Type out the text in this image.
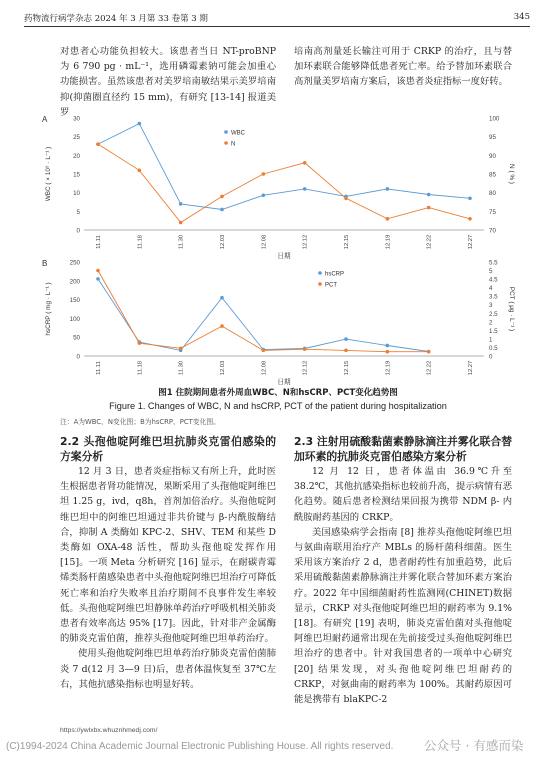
药物流行病学杂志 2024 年 3 月第 33 卷第 3 期	345

对患者心功能负担较大。该患者当日 NT-proBNP 为 6 790 pg · mL⁻¹，选用磷霉素钠可能会加重心功能损害。虽然该患者对美罗培南敏结果示美罗培南抑(抑菌圈直径约 15 mm)，有研究 [13-14] 报道美罗

培南高剂量延长输注可用于 CRKP 的治疗，且与替加环素联合能够降低患者死亡率。给予替加环素联合高剂量美罗培南方案后，该患者炎症指标一度好转。

A
0
5
10
15
20
25
30
70
75
80
85
90
95
100
11.11	11.18	11.30	12.03	12.08	12.12	12.15	12.19	12.22	12.27
WBC ( × 10⁹ · L⁻¹ )	N ( % )
日期
WBC
N
B
0
50
100
150
200
250
0
0.5
1
1.5
2
2.5
3
3.5
4
4.5
5
5.5
11.11	11.18	11.30	12.03	12.08	12.12	12.15	12.19	12.22	12.27
hsCRP ( mg · L⁻¹ )	PCT ( μg · L⁻¹ )
日期
hsCRP
PCT
图1 住院期间患者外周血WBC、N和hsCRP、PCT变化趋势图
Figure 1. Changes of WBC, N and hsCRP, PCT of the patient during hospitalization
注：A为WBC、N变化图；B为hsCRP、PCT变化图。

2.2 头孢他啶阿维巴坦抗肺炎克雷伯感染的方案分析

12 月 3 日，患者炎症指标又有所上升，此时医生根据患者肾功能情况，果断采用了头孢他啶阿维巴坦 1.25 g，ivd，q8h，首剂加倍治疗。头孢他啶阿维巴坦中的阿维巴坦通过非共价键与 β-内酰胺酶结合，抑制 A 类酶如 KPC-2、SHV、TEM 和某些 D 类酶如 OXA-48 活性，帮助头孢他啶发挥作用 [15]。一项 Meta 分析研究 [16] 显示，在耐碳青霉烯类肠杆菌感染患者中头孢他啶阿维巴坦治疗可降低死亡率和治疗失败率且治疗期间不良事件发生率较低。头孢他啶阿维巴坦静脉单药治疗呼吸机相关肺炎患者有效率高达 95% [17]。因此，针对非产金属酶的肺炎克雷伯菌，推荐头孢他啶阿维巴坦单药治疗。

使用头孢他啶阿维巴坦单药治疗肺炎克雷伯菌肺炎 7 d(12 月 3—9 日)后，患者体温恢复至 37℃左右，其他抗感染指标也明显好转。

2.3 注射用硫酸黏菌素静脉滴注并雾化联合替加环素的抗肺炎克雷伯感染方案分析

12 月 12 日，患者体温由 36.9℃升至 38.2℃，其他抗感染指标也较前升高，提示病情有恶化趋势。随后患者检测结果回报为携带 NDM β- 内酰胺耐药基因的 CRKP。

美国感染病学会指南 [8] 推荐头孢他啶阿维巴坦与氨曲南联用治疗产 MBLs 的肠杆菌科细菌。医生采用该方案治疗 2 d，患者耐药性有加重趋势，此后采用硫酸黏菌素静脉滴注并雾化联合替加环素方案治疗。2022 年中国细菌耐药性监测网(CHINET)数据显示，CRKP 对头孢他啶阿维巴坦的耐药率为 9.1% [18]。有研究 [19] 表明，肺炎克雷伯菌对头孢他啶阿维巴坦耐药通常出现在先前接受过头孢他啶阿维巴坦治疗的患者中。针对我国患者的一项单中心研究 [20] 结果发现，对头孢他啶阿维巴坦耐药的 CRKP，对氨曲南的耐药率为 100%。其耐药原因可能是携带有 blaKPC-2

https://ywlxbx.whuznhmedj.com/
(C)1994-2024 China Academic Journal Electronic Publishing House. All rights reserved. 公众号 · 有感而染
